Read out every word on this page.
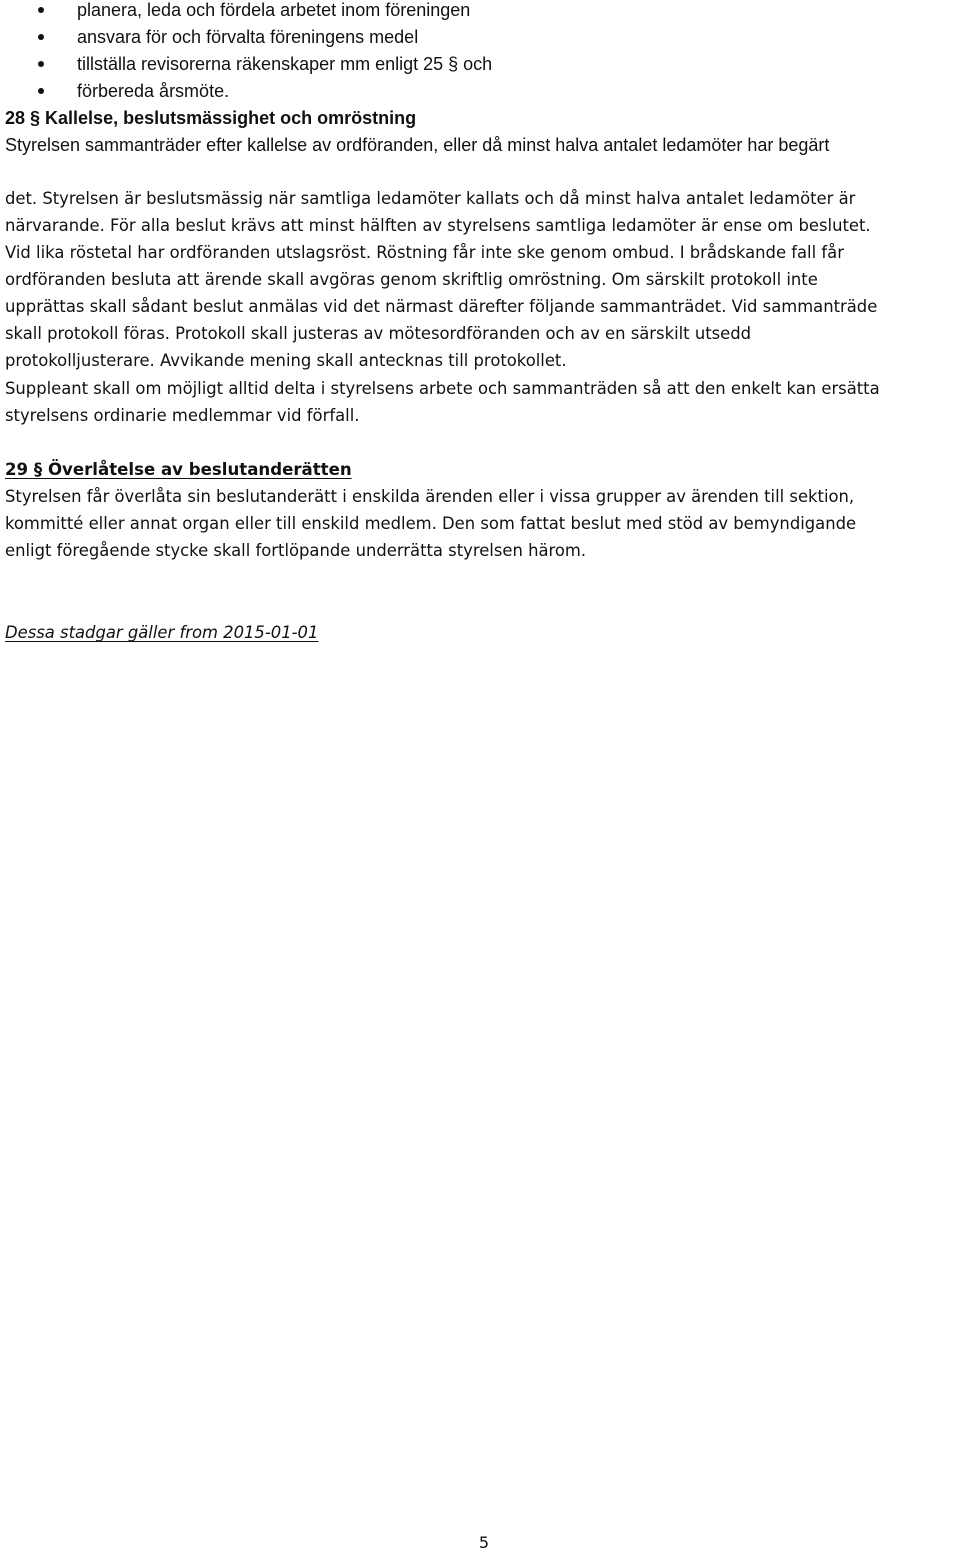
planera, leda och fördela arbetet inom föreningen
ansvara för och förvalta föreningens medel
tillställa revisorerna räkenskaper mm enligt 25 § och
förbereda årsmöte.
28 § Kallelse, beslutsmässighet och omröstning
Styrelsen sammanträder efter kallelse av ordföranden, eller då minst halva antalet ledamöter har begärt
det. Styrelsen är beslutsmässig när samtliga ledamöter kallats och då minst halva antalet ledamöter är
närvarande. För alla beslut krävs att minst hälften av styrelsens samtliga ledamöter är ense om beslutet.
Vid lika röstetal har ordföranden utslagsröst. Röstning får inte ske genom ombud. I brådskande fall får
ordföranden besluta att ärende skall avgöras genom skriftlig omröstning. Om särskilt protokoll inte
upprättas skall sådant beslut anmälas vid det närmast därefter följande sammanträdet. Vid sammanträde
skall protokoll föras. Protokoll skall justeras av mötesordföranden och av en särskilt utsedd
protokolljusterare. Avvikande mening skall antecknas till protokollet.
Suppleant skall om möjligt alltid delta i styrelsens arbete och sammanträden så att den enkelt kan ersätta
styrelsens ordinarie medlemmar vid förfall.
29 § Överlåtelse av beslutanderätten
Styrelsen får överlåta sin beslutanderätt i enskilda ärenden eller i vissa grupper av ärenden till sektion,
kommitté eller annat organ eller till enskild medlem. Den som fattat beslut med stöd av bemyndigande
enligt föregående stycke skall fortlöpande underrätta styrelsen härom.
Dessa stadgar gäller from 2015-01-01
5
